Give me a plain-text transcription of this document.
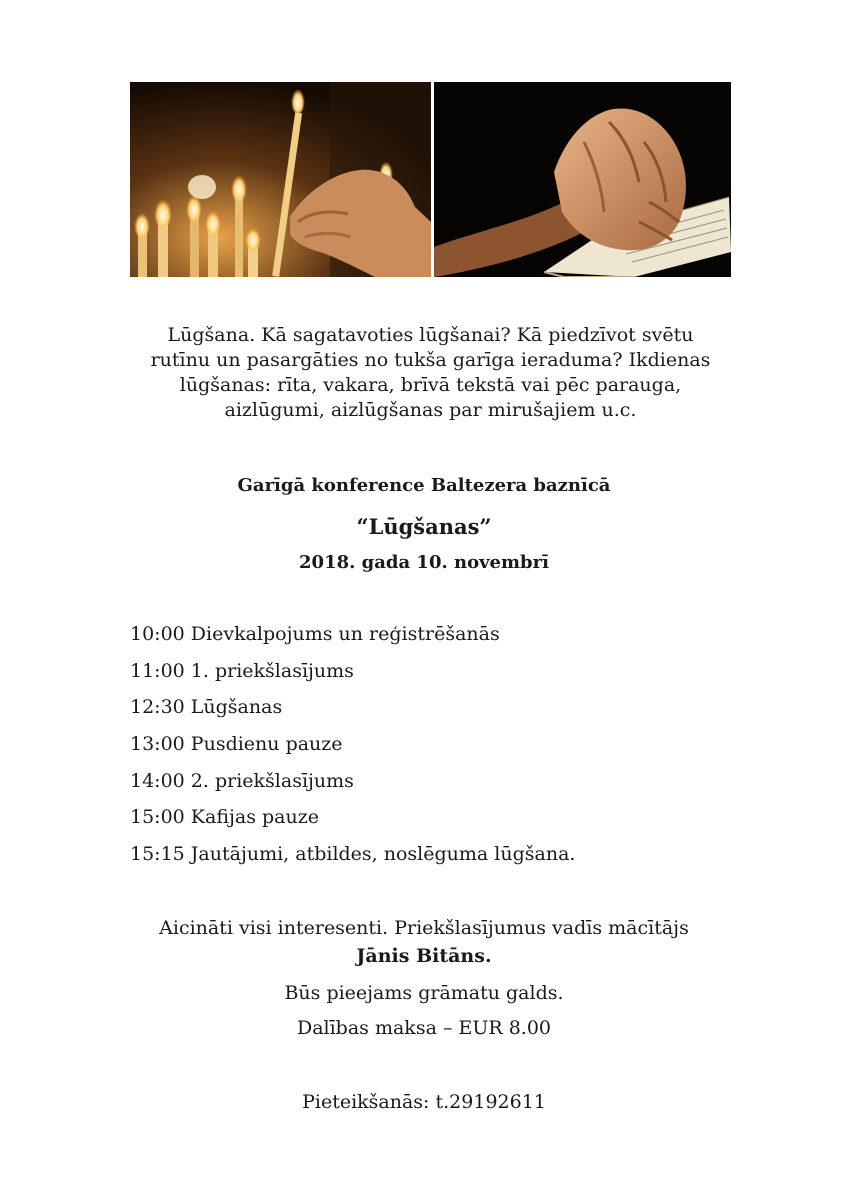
Lūgšana. Kā sagatavoties lūgšanai? Kā piedzīvot svētu
rutīnu un pasargāties no tukša garīga ieraduma? Ikdienas
lūgšanas: rīta, vakara, brīvā tekstā vai pēc parauga,
aizlūgumi, aizlūgšanas par mirušajiem u.c.

Garīgā konference Baltezera baznīcā

“Lūgšanas”

2018. gada 10. novembrī

10:00 Dievkalpojums un reģistrēšanās
11:00 1. priekšlasījums
12:30 Lūgšanas
13:00 Pusdienu pauze
14:00 2. priekšlasījums
15:00 Kafijas pauze
15:15 Jautājumi, atbildes, noslēguma lūgšana.

Aicināti visi interesenti. Priekšlasījumus vadīs mācītājs

Jānis Bitāns.

Būs pieejams grāmatu galds.

Dalības maksa – EUR 8.00

Pieteikšanās: t.29192611
